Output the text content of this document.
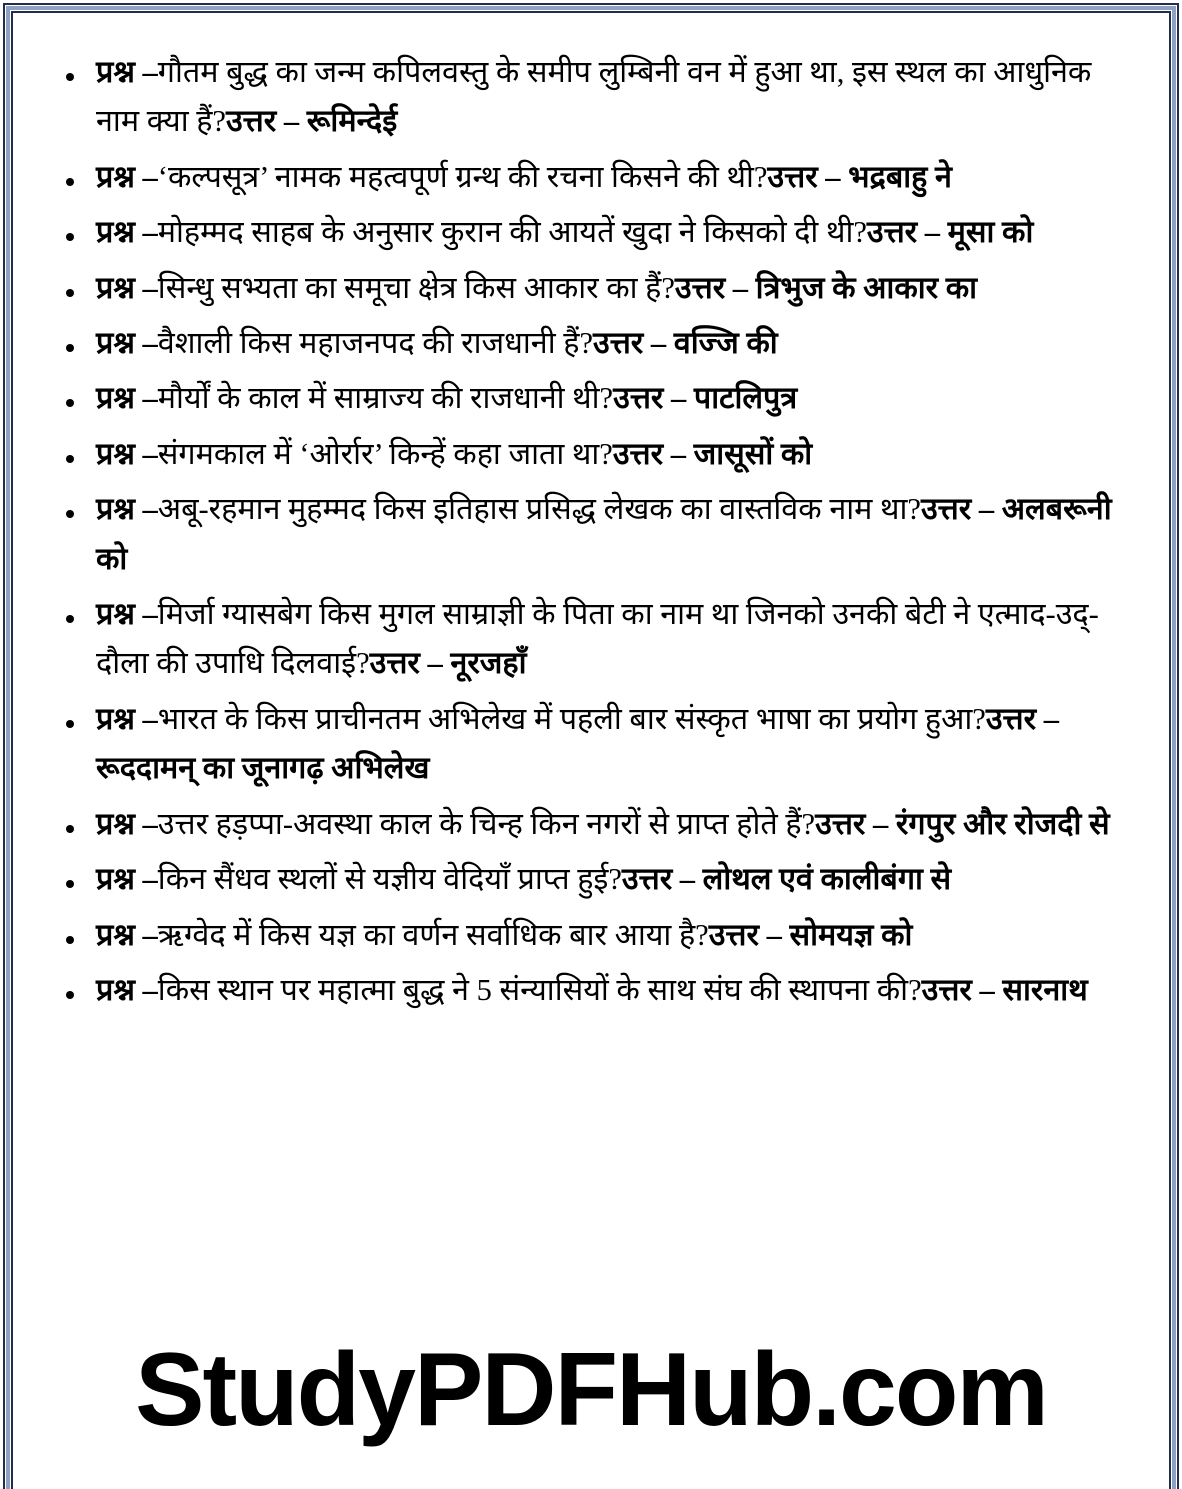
प्रश्न –गौतम बुद्ध का जन्म कपिलवस्तु के समीप लुम्बिनी वन में हुआ था, इस स्थल का आधुनिक नाम क्या हैं?उत्तर – रूमिन्देई
प्रश्न –‘कल्पसूत्र’ नामक महत्वपूर्ण ग्रन्थ की रचना किसने की थी?उत्तर – भद्रबाहु ने
प्रश्न –मोहम्मद साहब के अनुसार कुरान की आयतें खुदा ने किसको दी थी?उत्तर – मूसा को
प्रश्न –सिन्धु सभ्यता का समूचा क्षेत्र किस आकार का हैं?उत्तर – त्रिभुज के आकार का
प्रश्न –वैशाली किस महाजनपद की राजधानी हैं?उत्तर – वज्जि की
प्रश्न –मौर्यों के काल में साम्राज्य की राजधानी थी?उत्तर – पाटलिपुत्र
प्रश्न –संगमकाल में ‘ओर्रार’ किन्हें कहा जाता था?उत्तर – जासूसों को
प्रश्न –अबू-रहमान मुहम्मद किस इतिहास प्रसिद्ध लेखक का वास्तविक नाम था?उत्तर – अलबरूनी को
प्रश्न –मिर्जा ग्यासबेग किस मुगल साम्राज्ञी के पिता का नाम था जिनको उनकी बेटी ने एत्माद-उद्-दौला की उपाधि दिलवाई?उत्तर – नूरजहाँ
प्रश्न –भारत के किस प्राचीनतम अभिलेख में पहली बार संस्कृत भाषा का प्रयोग हुआ?उत्तर – रूददामन् का जूनागढ़ अभिलेख
प्रश्न –उत्तर हड़प्पा-अवस्था काल के चिन्ह किन नगरों से प्राप्त होते हैं?उत्तर – रंगपुर और रोजदी से
प्रश्न –किन सैंधव स्थलों से यज्ञीय वेदियाँ प्राप्त हुई?उत्तर – लोथल एवं कालीबंगा से
प्रश्न –ऋग्वेद में किस यज्ञ का वर्णन सर्वाधिक बार आया है?उत्तर – सोमयज्ञ को
प्रश्न –किस स्थान पर महात्मा बुद्ध ने 5 संन्यासियों के साथ संघ की स्थापना की?उत्तर – सारनाथ
StudyPDFHub.com
